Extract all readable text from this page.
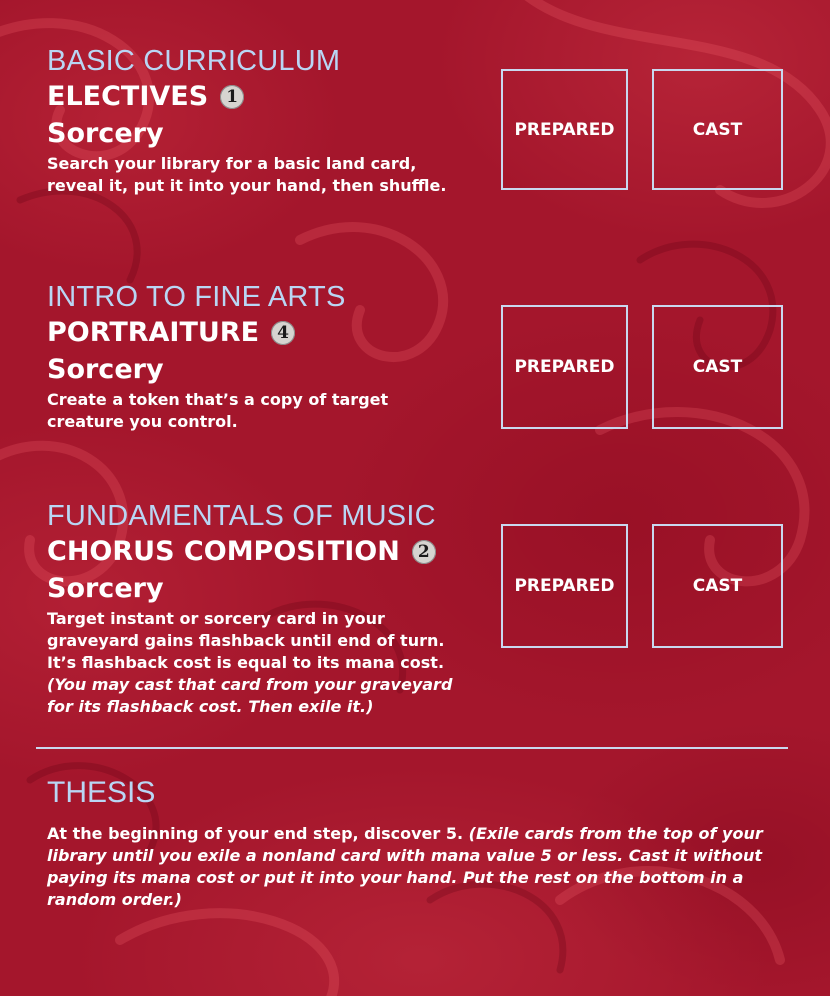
BASIC CURRICULUM
ELECTIVES	1
Sorcery
Search your library for a basic land card, reveal it, put it into your hand, then shuffle.
PREPARED	CAST
INTRO TO FINE ARTS
PORTRAITURE	4
Sorcery
Create a token that’s a copy of target creature you control.
PREPARED	CAST
FUNDAMENTALS OF MUSIC
CHORUS COMPOSITION	2
Sorcery
Target instant or sorcery card in your graveyard gains flashback until end of turn. It’s flashback cost is equal to its mana cost. (You may cast that card from your graveyard for its flashback cost. Then exile it.)
PREPARED	CAST
THESIS
At the beginning of your end step, discover 5. (Exile cards from the top of your library until you exile a nonland card with mana value 5 or less. Cast it without paying its mana cost or put it into your hand. Put the rest on the bottom in a random order.)
